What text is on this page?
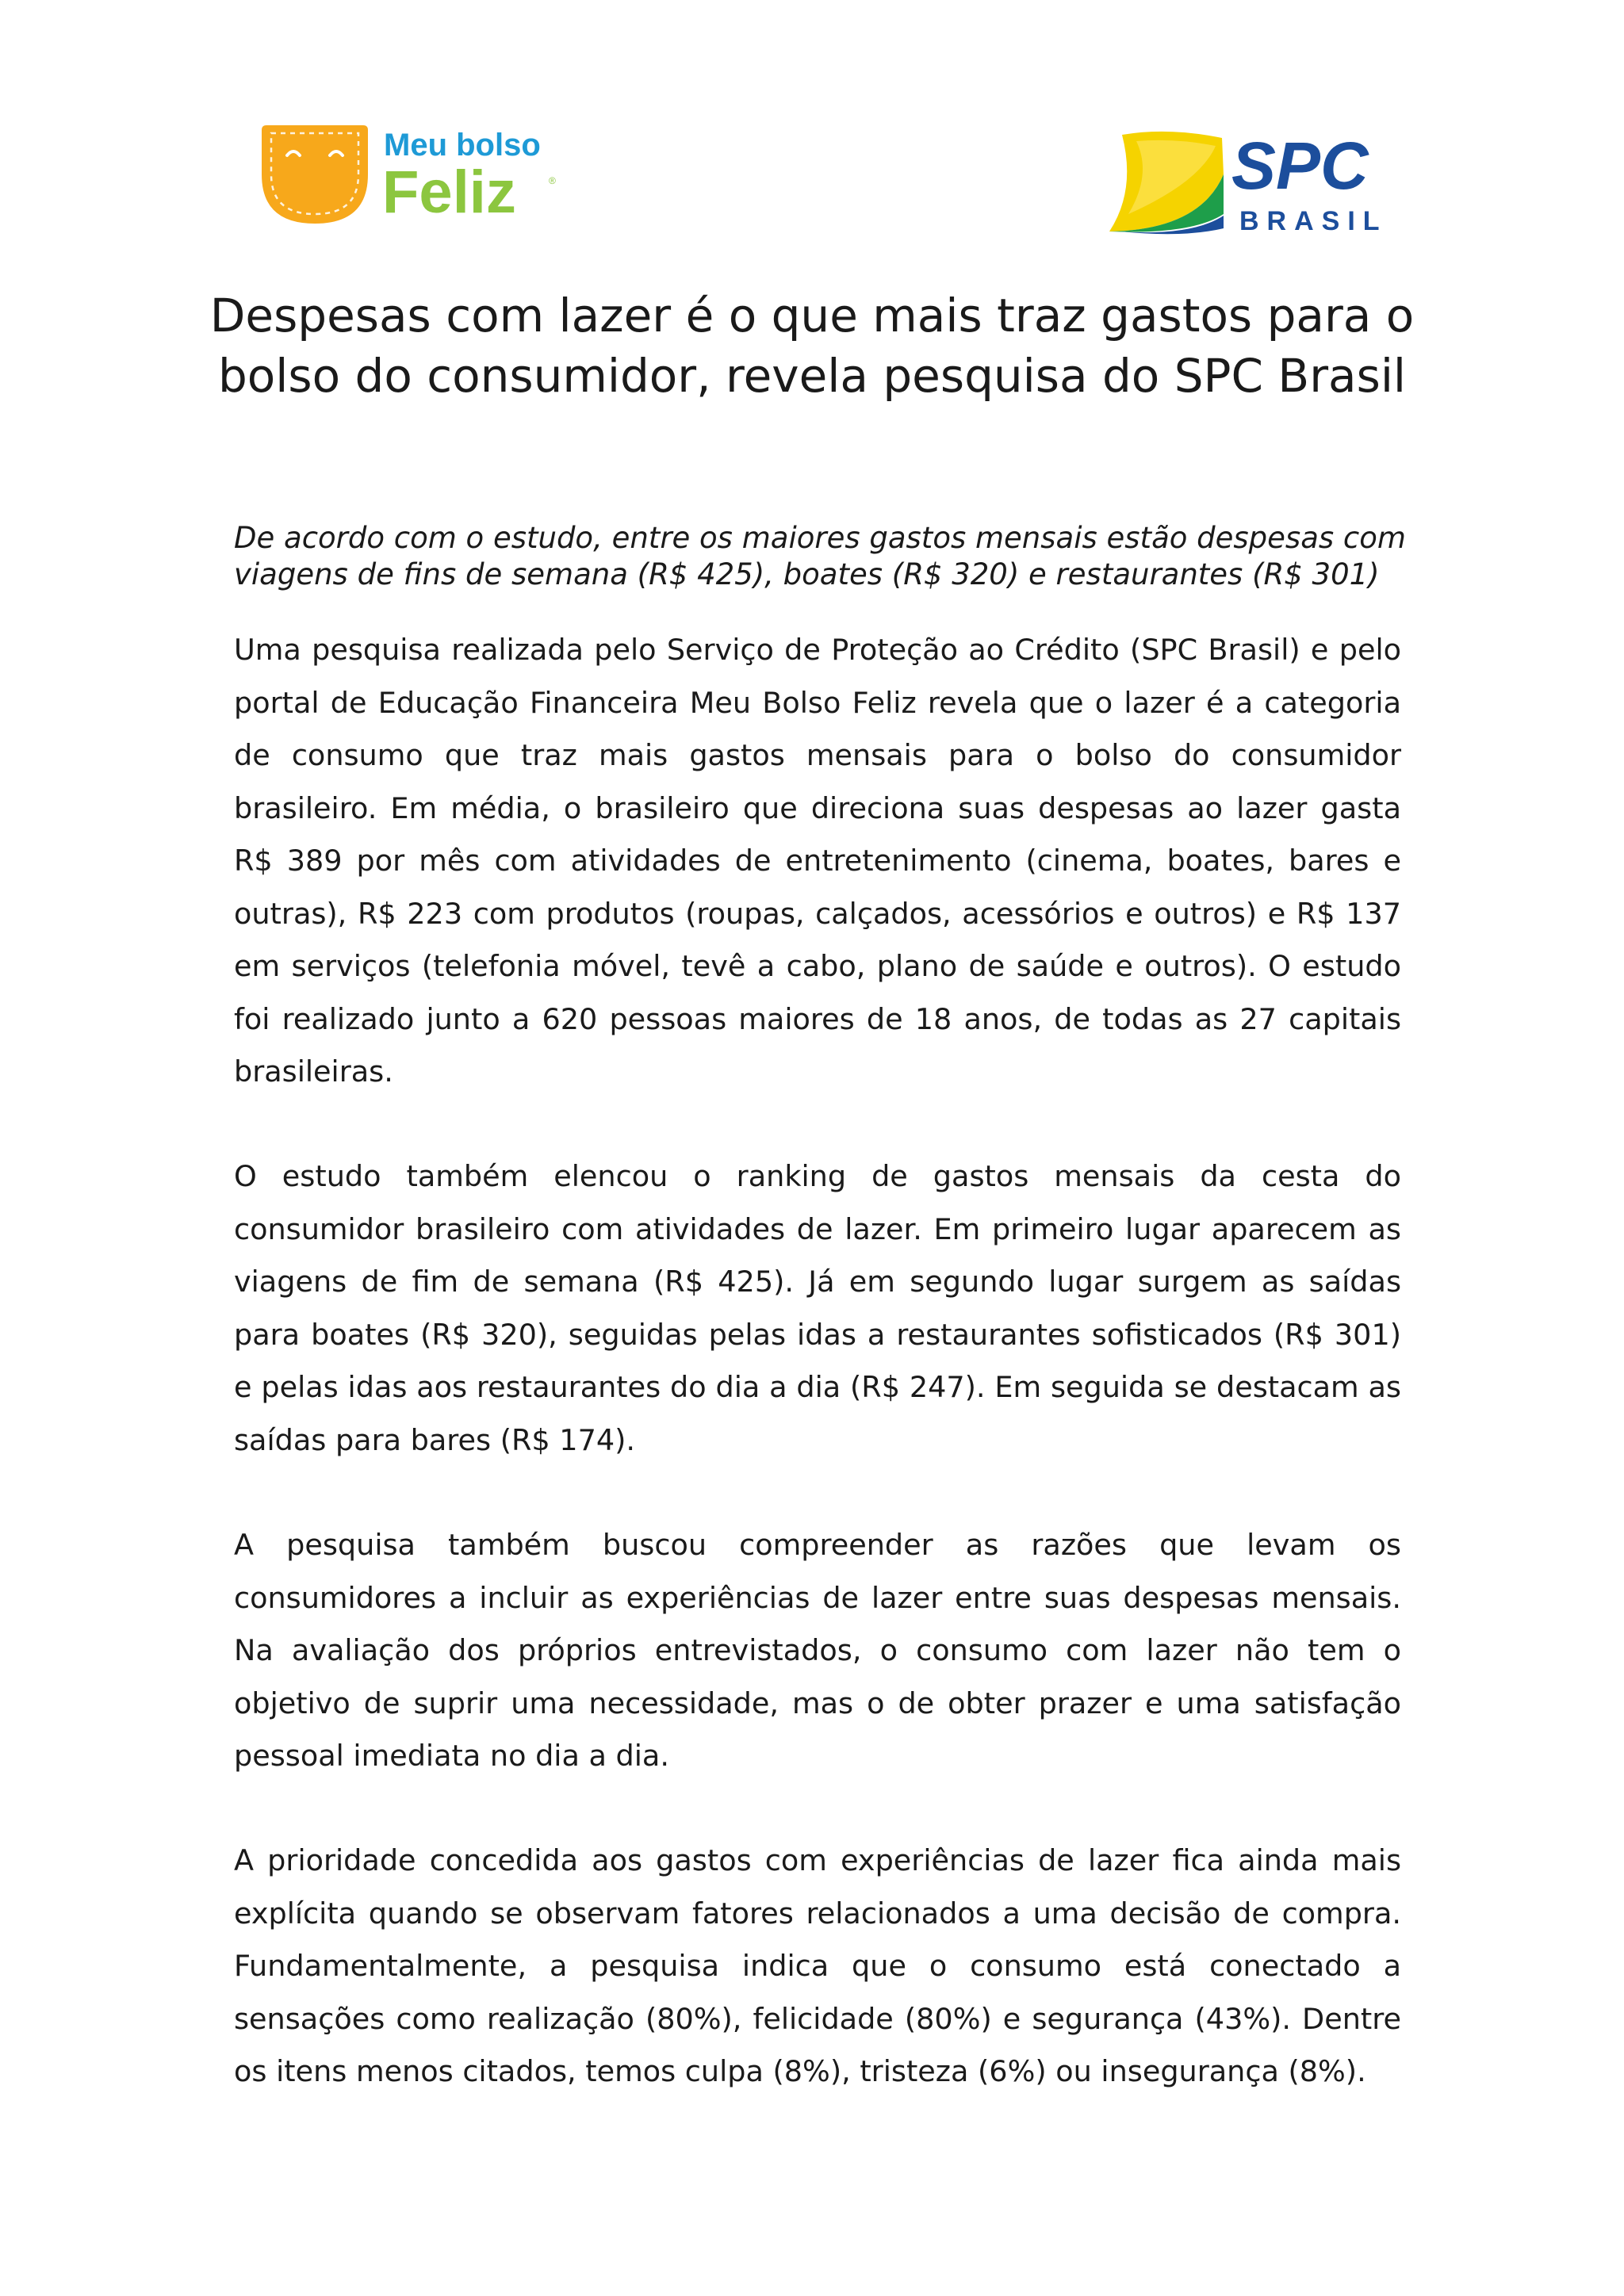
Meu bolso
Feliz	®	SPC
BRASIL
Despesas com lazer é o que mais traz gastos para o bolso do consumidor, revela pesquisa do SPC Brasil

De acordo com o estudo, entre os maiores gastos mensais estão despesas com viagens de fins de semana (R$ 425), boates (R$ 320) e restaurantes (R$ 301)

Uma pesquisa realizada pelo Serviço de Proteção ao Crédito (SPC Brasil) e pelo portal de Educação Financeira Meu Bolso Feliz revela que o lazer é a categoria de consumo que traz mais gastos mensais para o bolso do consumidor brasileiro. Em média, o brasileiro que direciona suas despesas ao lazer gasta R$ 389 por mês com atividades de entretenimento (cinema, boates, bares e outras), R$ 223 com produtos (roupas, calçados, acessórios e outros) e R$ 137 em serviços (telefonia móvel, tevê a cabo, plano de saúde e outros). O estudo foi realizado junto a 620 pessoas maiores de 18 anos, de todas as 27 capitais brasileiras.

O estudo também elencou o ranking de gastos mensais da cesta do consumidor brasileiro com atividades de lazer. Em primeiro lugar aparecem as viagens de fim de semana (R$ 425). Já em segundo lugar surgem as saídas para boates (R$ 320), seguidas pelas idas a restaurantes sofisticados (R$ 301) e pelas idas aos restaurantes do dia a dia (R$ 247). Em seguida se destacam as saídas para bares (R$ 174).

A pesquisa também buscou compreender as razões que levam os consumidores a incluir as experiências de lazer entre suas despesas mensais. Na avaliação dos próprios entrevistados, o consumo com lazer não tem o objetivo de suprir uma necessidade, mas o de obter prazer e uma satisfação pessoal imediata no dia a dia.

A prioridade concedida aos gastos com experiências de lazer fica ainda mais explícita quando se observam fatores relacionados a uma decisão de compra. Fundamentalmente, a pesquisa indica que o consumo está conectado a sensações como realização (80%), felicidade (80%) e segurança (43%). Dentre os itens menos citados, temos culpa (8%), tristeza (6%) ou insegurança (8%).
